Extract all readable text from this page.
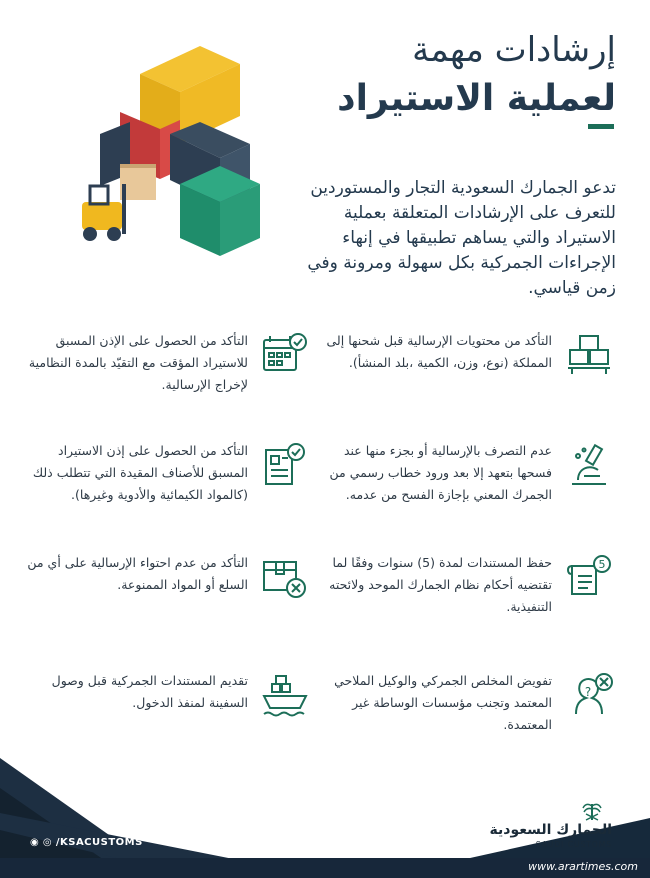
إرشادات مهمة
لعملية الاستيراد

تدعو الجمارك السعودية التجار والمستوردين للتعرف على الإرشادات المتعلقة بعملية الاستيراد والتي يساهم تطبيقها في إنهاء الإجراءات الجمركية بكل سهولة ومرونة وفي زمن قياسي.

التأكد من محتويات الإرسالية قبل شحنها إلى المملكة (نوع، وزن، الكمية ،بلد المنشأ).

التأكد من الحصول على الإذن المسبق للاستيراد المؤقت مع التقيّد بالمدة النظامية لإخراج الإرسالية.

عدم التصرف بالإرسالية أو بجزء منها عند فسحها بتعهد إلا بعد ورود خطاب رسمي من الجمرك المعني بإجازة الفسح من عدمه.

التأكد من الحصول على إذن الاستيراد المسبق للأصناف المقيدة التي تتطلب ذلك (كالمواد الكيمائية والأدوية وغيرها).

5

حفظ المستندات لمدة (5) سنوات وفقًا لما تقتضيه أحكام نظام الجمارك الموحد ولائحته التنفيذية.

التأكد من عدم احتواء الإرسالية على أي من السلع أو المواد الممنوعة.

?

تفويض المخلص الجمركي والوكيل الملاحي المعتمد وتجنب مؤسسات الوساطة غير المعتمدة.

تقديم المستندات الجمركية قبل وصول السفينة لمنفذ الدخول.

◉ ◎ /KSACUSTOMS
الجمارك السعودية
SAUDI CUSTOMS
www.arartimes.com
